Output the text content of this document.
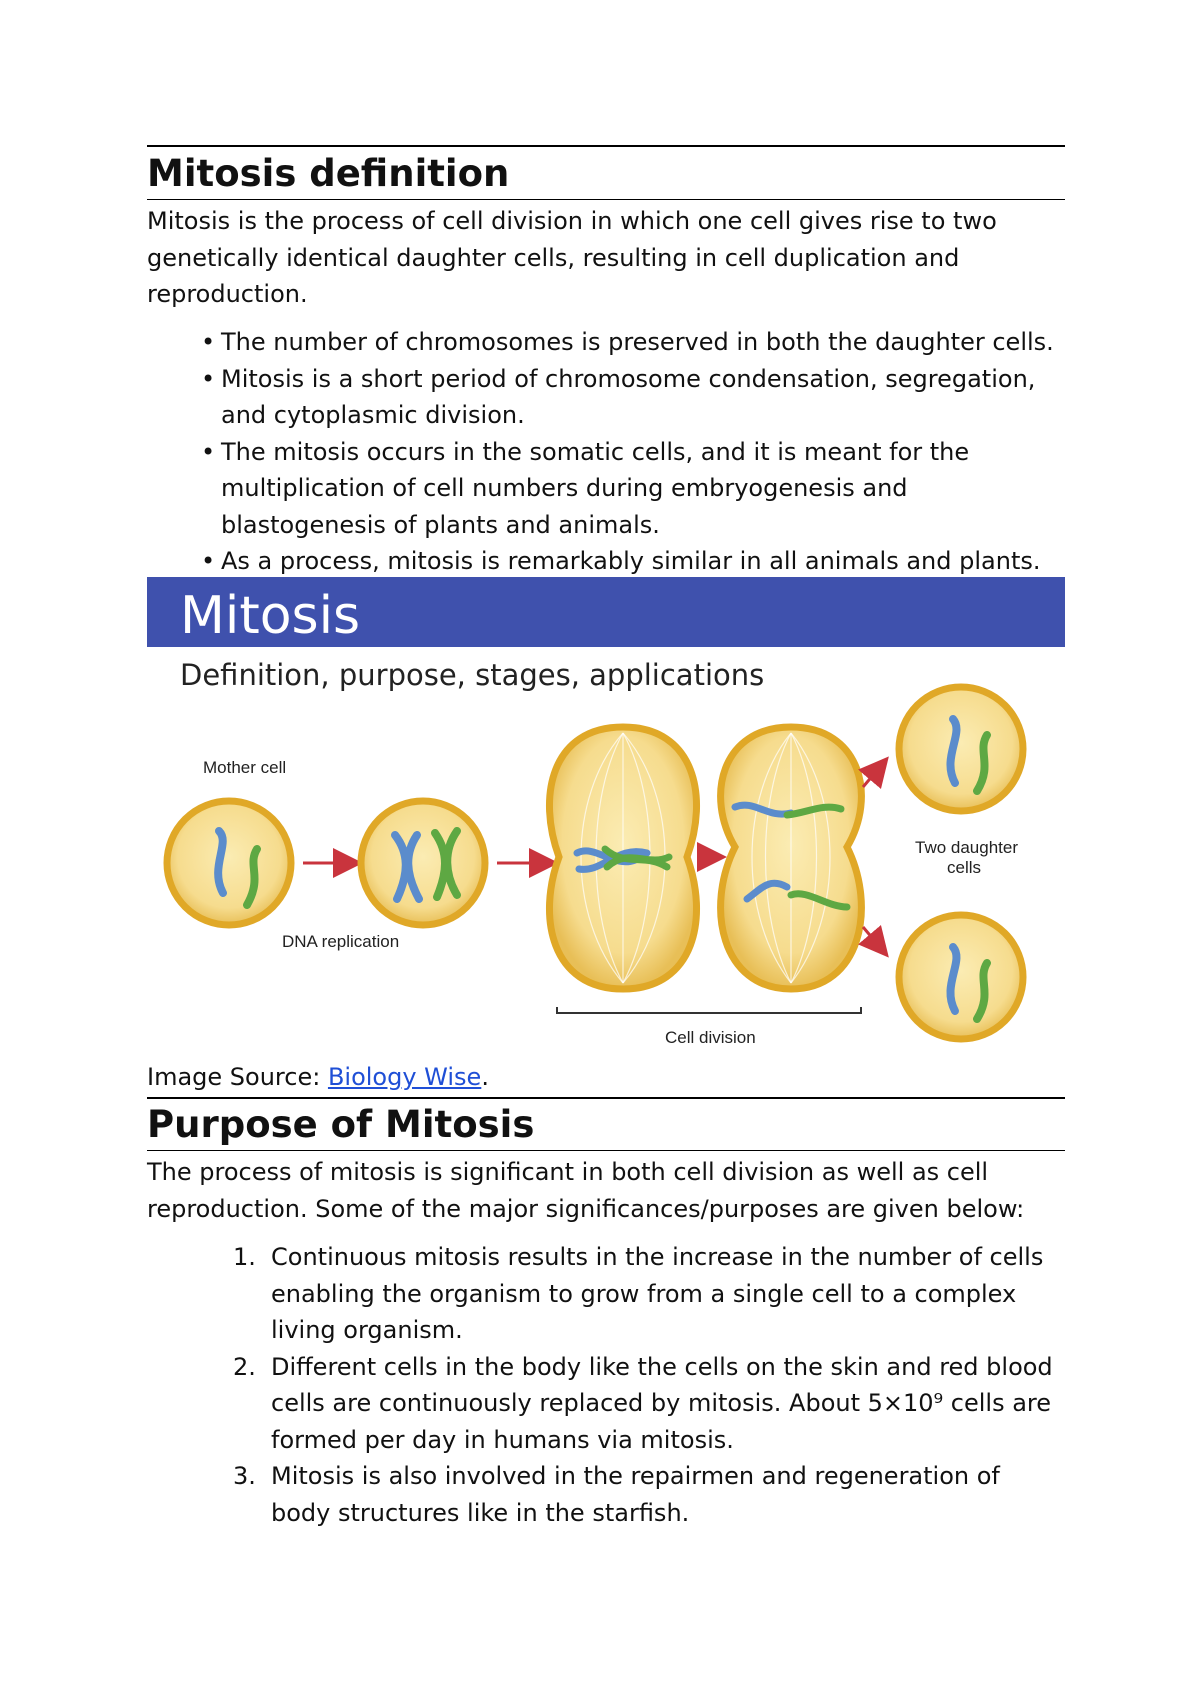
Mitosis definition

Mitosis is the process of cell division in which one cell gives rise to two
genetically identical daughter cells, resulting in cell duplication and
reproduction.

• The number of chromosomes is preserved in both the daughter cells.
• Mitosis is a short period of chromosome condensation, segregation,
and cytoplasmic division.
• The mitosis occurs in the somatic cells, and it is meant for the
multiplication of cell numbers during embryogenesis and
blastogenesis of plants and animals.
• As a process, mitosis is remarkably similar in all animals and plants.
Mitosis
Definition, purpose, stages, applications
Mother cell
DNA replication
Cell division
Two daughter
cells
Image Source: Biology Wise.
Purpose of Mitosis

The process of mitosis is significant in both cell division as well as cell
reproduction. Some of the major significances/purposes are given below:

1. Continuous mitosis results in the increase in the number of cells
enabling the organism to grow from a single cell to a complex
living organism.
2. Different cells in the body like the cells on the skin and red blood
cells are continuously replaced by mitosis. About 5×10⁹ cells are
formed per day in humans via mitosis.
3. Mitosis is also involved in the repairmen and regeneration of
body structures like in the starfish.
